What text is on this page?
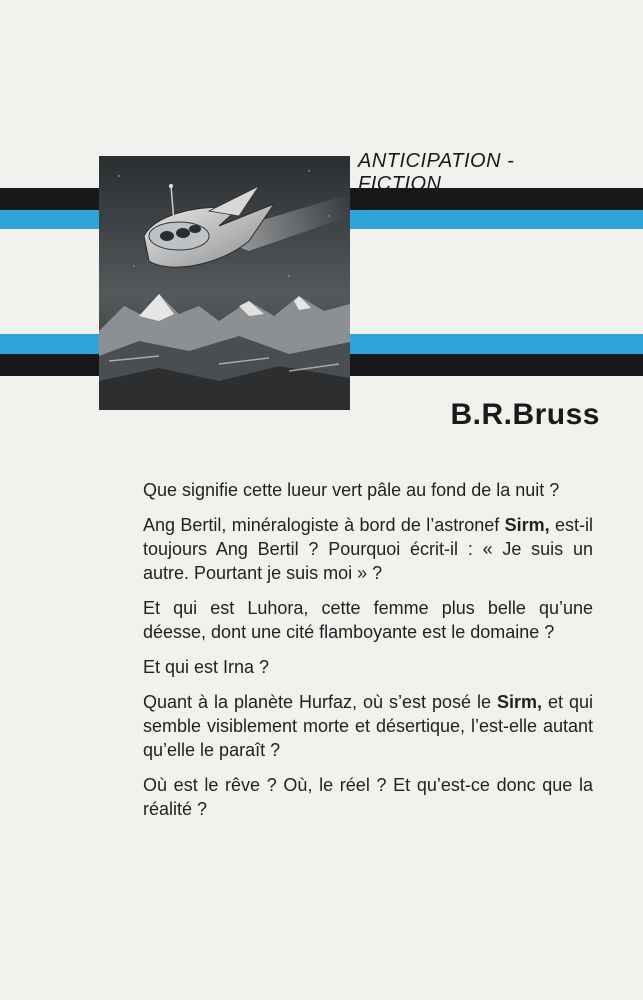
ANTICIPATION - FICTION
B.R.Bruss

Que signifie cette lueur vert pâle au fond de la nuit ?

Ang Bertil, minéralogiste à bord de l’astronef Sirm, est-il toujours Ang Bertil ? Pourquoi écrit-il : « Je suis un autre. Pourtant je suis moi » ?

Et qui est Luhora, cette femme plus belle qu’une déesse, dont une cité flamboyante est le domaine ?

Et qui est Irna ?

Quant à la planète Hurfaz, où s’est posé le Sirm, et qui semble visiblement morte et désertique, l’est-elle autant qu’elle le paraît ?

Où est le rêve ? Où, le réel ? Et qu’est-ce donc que la réalité ?
